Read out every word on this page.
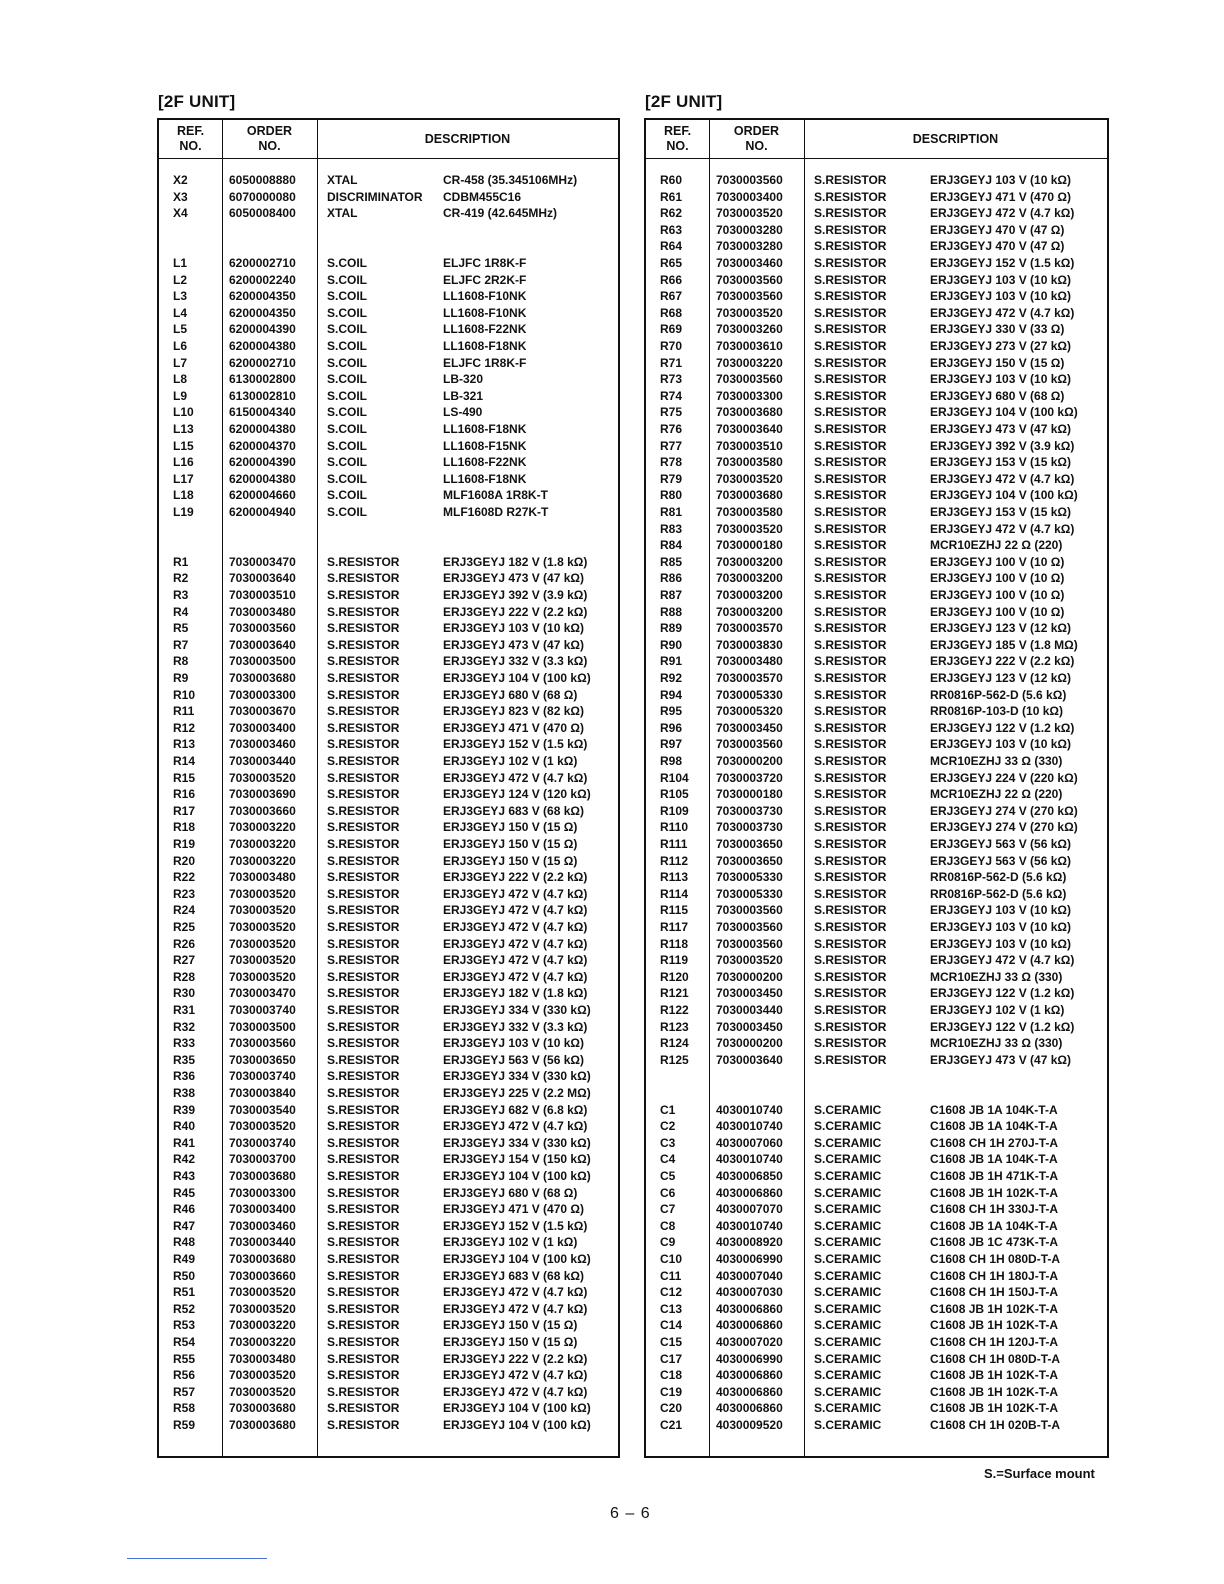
[2F UNIT]	[2F UNIT]
REF.
NO.
ORDER
NO.
DESCRIPTION
X2	6050008880	XTAL	CR-458 (35.345106MHz)
X3	6070000080	DISCRIMINATOR CDBM455C16
X4	6050008400	XTAL	CR-419 (42.645MHz)
L1	6200002710	S.COIL	ELJFC 1R8K-F
L2	6200002240	S.COIL	ELJFC 2R2K-F
L3	6200004350	S.COIL	LL1608-F10NK
L4	6200004350	S.COIL	LL1608-F10NK
L5	6200004390	S.COIL	LL1608-F22NK
L6	6200004380	S.COIL	LL1608-F18NK
L7	6200002710	S.COIL	ELJFC 1R8K-F
L8	6130002800	S.COIL	LB-320
L9	6130002810	S.COIL	LB-321
L10	6150004340	S.COIL	LS-490
L13	6200004380	S.COIL	LL1608-F18NK
L15	6200004370	S.COIL	LL1608-F15NK
L16	6200004390	S.COIL	LL1608-F22NK
L17	6200004380	S.COIL	LL1608-F18NK
L18	6200004660	S.COIL	MLF1608A 1R8K-T
L19	6200004940	S.COIL	MLF1608D R27K-T
R1	7030003470	S.RESISTOR	ERJ3GEYJ 182 V (1.8 kΩ)
R2	7030003640	S.RESISTOR	ERJ3GEYJ 473 V (47 kΩ)
R3	7030003510	S.RESISTOR	ERJ3GEYJ 392 V (3.9 kΩ)
R4	7030003480	S.RESISTOR	ERJ3GEYJ 222 V (2.2 kΩ)
R5	7030003560	S.RESISTOR	ERJ3GEYJ 103 V (10 kΩ)
R7	7030003640	S.RESISTOR	ERJ3GEYJ 473 V (47 kΩ)
R8	7030003500	S.RESISTOR	ERJ3GEYJ 332 V (3.3 kΩ)
R9	7030003680	S.RESISTOR	ERJ3GEYJ 104 V (100 kΩ)
R10	7030003300	S.RESISTOR	ERJ3GEYJ 680 V (68 Ω)
R11	7030003670	S.RESISTOR	ERJ3GEYJ 823 V (82 kΩ)
R12	7030003400	S.RESISTOR	ERJ3GEYJ 471 V (470 Ω)
R13	7030003460	S.RESISTOR	ERJ3GEYJ 152 V (1.5 kΩ)
R14	7030003440	S.RESISTOR	ERJ3GEYJ 102 V (1 kΩ)
R15	7030003520	S.RESISTOR	ERJ3GEYJ 472 V (4.7 kΩ)
R16	7030003690	S.RESISTOR	ERJ3GEYJ 124 V (120 kΩ)
R17	7030003660	S.RESISTOR	ERJ3GEYJ 683 V (68 kΩ)
R18	7030003220	S.RESISTOR	ERJ3GEYJ 150 V (15 Ω)
R19	7030003220	S.RESISTOR	ERJ3GEYJ 150 V (15 Ω)
R20	7030003220	S.RESISTOR	ERJ3GEYJ 150 V (15 Ω)
R22	7030003480	S.RESISTOR	ERJ3GEYJ 222 V (2.2 kΩ)
R23	7030003520	S.RESISTOR	ERJ3GEYJ 472 V (4.7 kΩ)
R24	7030003520	S.RESISTOR	ERJ3GEYJ 472 V (4.7 kΩ)
R25	7030003520	S.RESISTOR	ERJ3GEYJ 472 V (4.7 kΩ)
R26	7030003520	S.RESISTOR	ERJ3GEYJ 472 V (4.7 kΩ)
R27	7030003520	S.RESISTOR	ERJ3GEYJ 472 V (4.7 kΩ)
R28	7030003520	S.RESISTOR	ERJ3GEYJ 472 V (4.7 kΩ)
R30	7030003470	S.RESISTOR	ERJ3GEYJ 182 V (1.8 kΩ)
R31	7030003740	S.RESISTOR	ERJ3GEYJ 334 V (330 kΩ)
R32	7030003500	S.RESISTOR	ERJ3GEYJ 332 V (3.3 kΩ)
R33	7030003560	S.RESISTOR	ERJ3GEYJ 103 V (10 kΩ)
R35	7030003650	S.RESISTOR	ERJ3GEYJ 563 V (56 kΩ)
R36	7030003740	S.RESISTOR	ERJ3GEYJ 334 V (330 kΩ)
R38	7030003840	S.RESISTOR	ERJ3GEYJ 225 V (2.2 MΩ)
R39	7030003540	S.RESISTOR	ERJ3GEYJ 682 V (6.8 kΩ)
R40	7030003520	S.RESISTOR	ERJ3GEYJ 472 V (4.7 kΩ)
R41	7030003740	S.RESISTOR	ERJ3GEYJ 334 V (330 kΩ)
R42	7030003700	S.RESISTOR	ERJ3GEYJ 154 V (150 kΩ)
R43	7030003680	S.RESISTOR	ERJ3GEYJ 104 V (100 kΩ)
R45	7030003300	S.RESISTOR	ERJ3GEYJ 680 V (68 Ω)
R46	7030003400	S.RESISTOR	ERJ3GEYJ 471 V (470 Ω)
R47	7030003460	S.RESISTOR	ERJ3GEYJ 152 V (1.5 kΩ)
R48	7030003440	S.RESISTOR	ERJ3GEYJ 102 V (1 kΩ)
R49	7030003680	S.RESISTOR	ERJ3GEYJ 104 V (100 kΩ)
R50	7030003660	S.RESISTOR	ERJ3GEYJ 683 V (68 kΩ)
R51	7030003520	S.RESISTOR	ERJ3GEYJ 472 V (4.7 kΩ)
R52	7030003520	S.RESISTOR	ERJ3GEYJ 472 V (4.7 kΩ)
R53	7030003220	S.RESISTOR	ERJ3GEYJ 150 V (15 Ω)
R54	7030003220	S.RESISTOR	ERJ3GEYJ 150 V (15 Ω)
R55	7030003480	S.RESISTOR	ERJ3GEYJ 222 V (2.2 kΩ)
R56	7030003520	S.RESISTOR	ERJ3GEYJ 472 V (4.7 kΩ)
R57	7030003520	S.RESISTOR	ERJ3GEYJ 472 V (4.7 kΩ)
R58	7030003680	S.RESISTOR	ERJ3GEYJ 104 V (100 kΩ)
R59	7030003680	S.RESISTOR	ERJ3GEYJ 104 V (100 kΩ)
REF.
NO.
ORDER
NO.
DESCRIPTION
R60	7030003560	S.RESISTOR	ERJ3GEYJ 103 V (10 kΩ)
R61	7030003400	S.RESISTOR	ERJ3GEYJ 471 V (470 Ω)
R62	7030003520	S.RESISTOR	ERJ3GEYJ 472 V (4.7 kΩ)
R63	7030003280	S.RESISTOR	ERJ3GEYJ 470 V (47 Ω)
R64	7030003280	S.RESISTOR	ERJ3GEYJ 470 V (47 Ω)
R65	7030003460	S.RESISTOR	ERJ3GEYJ 152 V (1.5 kΩ)
R66	7030003560	S.RESISTOR	ERJ3GEYJ 103 V (10 kΩ)
R67	7030003560	S.RESISTOR	ERJ3GEYJ 103 V (10 kΩ)
R68	7030003520	S.RESISTOR	ERJ3GEYJ 472 V (4.7 kΩ)
R69	7030003260	S.RESISTOR	ERJ3GEYJ 330 V (33 Ω)
R70	7030003610	S.RESISTOR	ERJ3GEYJ 273 V (27 kΩ)
R71	7030003220	S.RESISTOR	ERJ3GEYJ 150 V (15 Ω)
R73	7030003560	S.RESISTOR	ERJ3GEYJ 103 V (10 kΩ)
R74	7030003300	S.RESISTOR	ERJ3GEYJ 680 V (68 Ω)
R75	7030003680	S.RESISTOR	ERJ3GEYJ 104 V (100 kΩ)
R76	7030003640	S.RESISTOR	ERJ3GEYJ 473 V (47 kΩ)
R77	7030003510	S.RESISTOR	ERJ3GEYJ 392 V (3.9 kΩ)
R78	7030003580	S.RESISTOR	ERJ3GEYJ 153 V (15 kΩ)
R79	7030003520	S.RESISTOR	ERJ3GEYJ 472 V (4.7 kΩ)
R80	7030003680	S.RESISTOR	ERJ3GEYJ 104 V (100 kΩ)
R81	7030003580	S.RESISTOR	ERJ3GEYJ 153 V (15 kΩ)
R83	7030003520	S.RESISTOR	ERJ3GEYJ 472 V (4.7 kΩ)
R84	7030000180	S.RESISTOR	MCR10EZHJ 22 Ω (220)
R85	7030003200	S.RESISTOR	ERJ3GEYJ 100 V (10 Ω)
R86	7030003200	S.RESISTOR	ERJ3GEYJ 100 V (10 Ω)
R87	7030003200	S.RESISTOR	ERJ3GEYJ 100 V (10 Ω)
R88	7030003200	S.RESISTOR	ERJ3GEYJ 100 V (10 Ω)
R89	7030003570	S.RESISTOR	ERJ3GEYJ 123 V (12 kΩ)
R90	7030003830	S.RESISTOR	ERJ3GEYJ 185 V (1.8 MΩ)
R91	7030003480	S.RESISTOR	ERJ3GEYJ 222 V (2.2 kΩ)
R92	7030003570	S.RESISTOR	ERJ3GEYJ 123 V (12 kΩ)
R94	7030005330	S.RESISTOR	RR0816P-562-D (5.6 kΩ)
R95	7030005320	S.RESISTOR	RR0816P-103-D (10 kΩ)
R96	7030003450	S.RESISTOR	ERJ3GEYJ 122 V (1.2 kΩ)
R97	7030003560	S.RESISTOR	ERJ3GEYJ 103 V (10 kΩ)
R98	7030000200	S.RESISTOR	MCR10EZHJ 33 Ω (330)
R104 7030003720	S.RESISTOR	ERJ3GEYJ 224 V (220 kΩ)
R105 7030000180	S.RESISTOR	MCR10EZHJ 22 Ω (220)
R109 7030003730	S.RESISTOR	ERJ3GEYJ 274 V (270 kΩ)
R110 7030003730	S.RESISTOR	ERJ3GEYJ 274 V (270 kΩ)
R111 7030003650	S.RESISTOR	ERJ3GEYJ 563 V (56 kΩ)
R112 7030003650	S.RESISTOR	ERJ3GEYJ 563 V (56 kΩ)
R113 7030005330	S.RESISTOR	RR0816P-562-D (5.6 kΩ)
R114 7030005330	S.RESISTOR	RR0816P-562-D (5.6 kΩ)
R115 7030003560	S.RESISTOR	ERJ3GEYJ 103 V (10 kΩ)
R117 7030003560	S.RESISTOR	ERJ3GEYJ 103 V (10 kΩ)
R118 7030003560	S.RESISTOR	ERJ3GEYJ 103 V (10 kΩ)
R119 7030003520	S.RESISTOR	ERJ3GEYJ 472 V (4.7 kΩ)
R120 7030000200	S.RESISTOR	MCR10EZHJ 33 Ω (330)
R121 7030003450	S.RESISTOR	ERJ3GEYJ 122 V (1.2 kΩ)
R122 7030003440	S.RESISTOR	ERJ3GEYJ 102 V (1 kΩ)
R123 7030003450	S.RESISTOR	ERJ3GEYJ 122 V (1.2 kΩ)
R124 7030000200	S.RESISTOR	MCR10EZHJ 33 Ω (330)
R125 7030003640	S.RESISTOR	ERJ3GEYJ 473 V (47 kΩ)
C1	4030010740	S.CERAMIC	C1608 JB 1A 104K-T-A
C2	4030010740	S.CERAMIC	C1608 JB 1A 104K-T-A
C3	4030007060	S.CERAMIC	C1608 CH 1H 270J-T-A
C4	4030010740	S.CERAMIC	C1608 JB 1A 104K-T-A
C5	4030006850	S.CERAMIC	C1608 JB 1H 471K-T-A
C6	4030006860	S.CERAMIC	C1608 JB 1H 102K-T-A
C7	4030007070	S.CERAMIC	C1608 CH 1H 330J-T-A
C8	4030010740	S.CERAMIC	C1608 JB 1A 104K-T-A
C9	4030008920	S.CERAMIC	C1608 JB 1C 473K-T-A
C10	4030006990	S.CERAMIC	C1608 CH 1H 080D-T-A
C11	4030007040	S.CERAMIC	C1608 CH 1H 180J-T-A
C12	4030007030	S.CERAMIC	C1608 CH 1H 150J-T-A
C13	4030006860	S.CERAMIC	C1608 JB 1H 102K-T-A
C14	4030006860	S.CERAMIC	C1608 JB 1H 102K-T-A
C15	4030007020	S.CERAMIC	C1608 CH 1H 120J-T-A
C17	4030006990	S.CERAMIC	C1608 CH 1H 080D-T-A
C18	4030006860	S.CERAMIC	C1608 JB 1H 102K-T-A
C19	4030006860	S.CERAMIC	C1608 JB 1H 102K-T-A
C20	4030006860	S.CERAMIC	C1608 JB 1H 102K-T-A
C21	4030009520	S.CERAMIC	C1608 CH 1H 020B-T-A
S.=Surface mount
6 – 6
